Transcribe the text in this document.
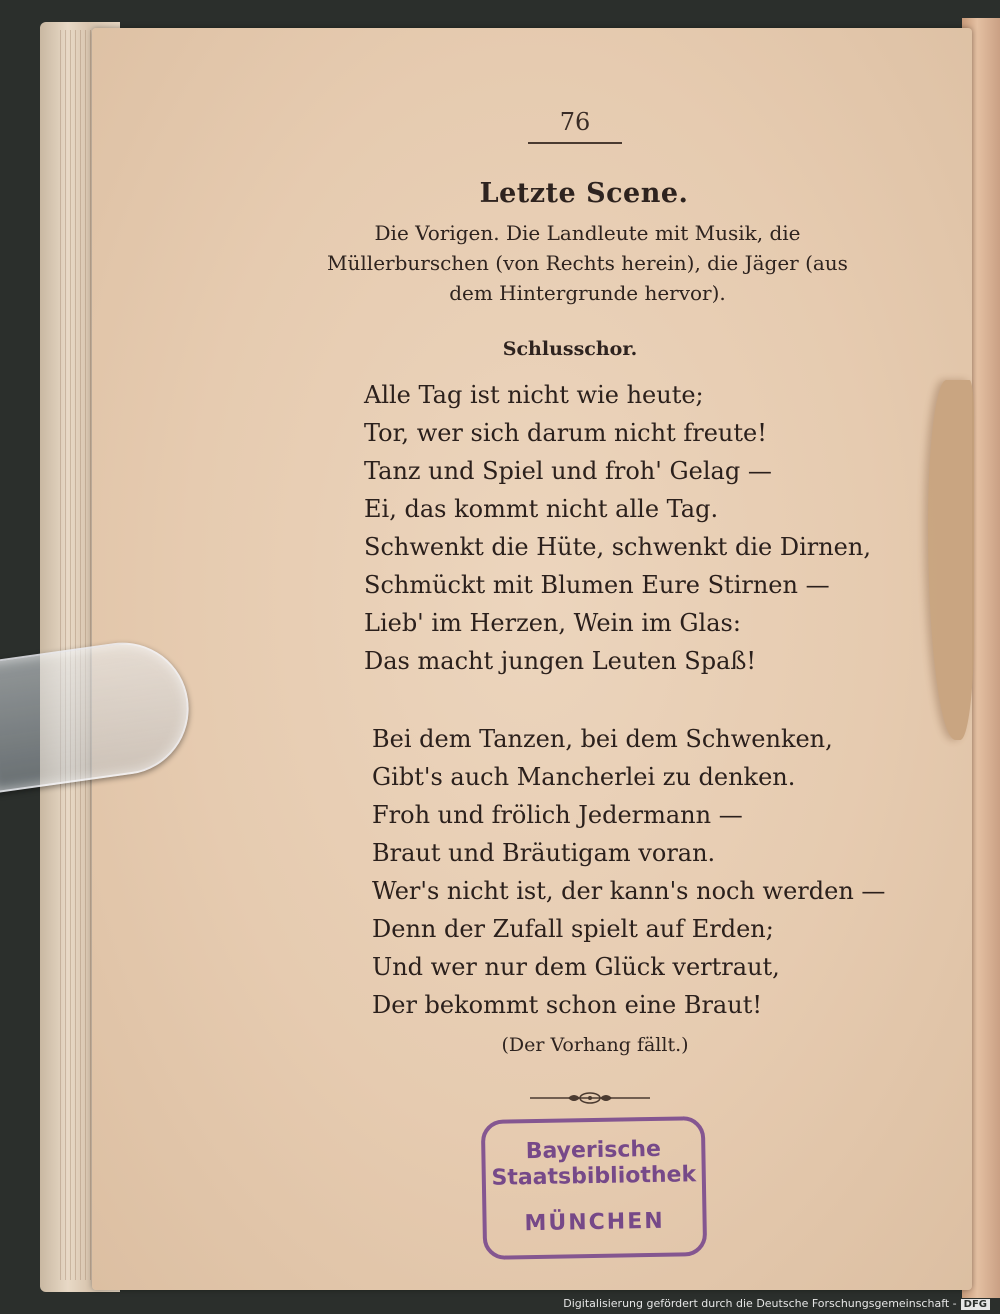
76
Letzte Scene.
Die Vorigen. Die Landleute mit Musik, die Müllerburschen (von Rechts herein), die Jäger (aus dem Hintergrunde hervor).
Schlusschor.
Alle Tag ist nicht wie heute;
Tor, wer sich darum nicht freute!
Tanz und Spiel und froh' Gelag —
Ei, das kommt nicht alle Tag.
Schwenkt die Hüte, schwenkt die Dirnen,
Schmückt mit Blumen Eure Stirnen —
Lieb' im Herzen, Wein im Glas:
Das macht jungen Leuten Spaß!
Bei dem Tanzen, bei dem Schwenken,
Gibt's auch Mancherlei zu denken.
Froh und frölich Jedermann —
Braut und Bräutigam voran.
Wer's nicht ist, der kann's noch werden —
Denn der Zufall spielt auf Erden;
Und wer nur dem Glück vertraut,
Der bekommt schon eine Braut!
(Der Vorhang fällt.)
Bayerische
Staatsbibliothek
MÜNCHEN
Digitalisierung gefördert durch die Deutsche Forschungsgemeinschaft - DFG
